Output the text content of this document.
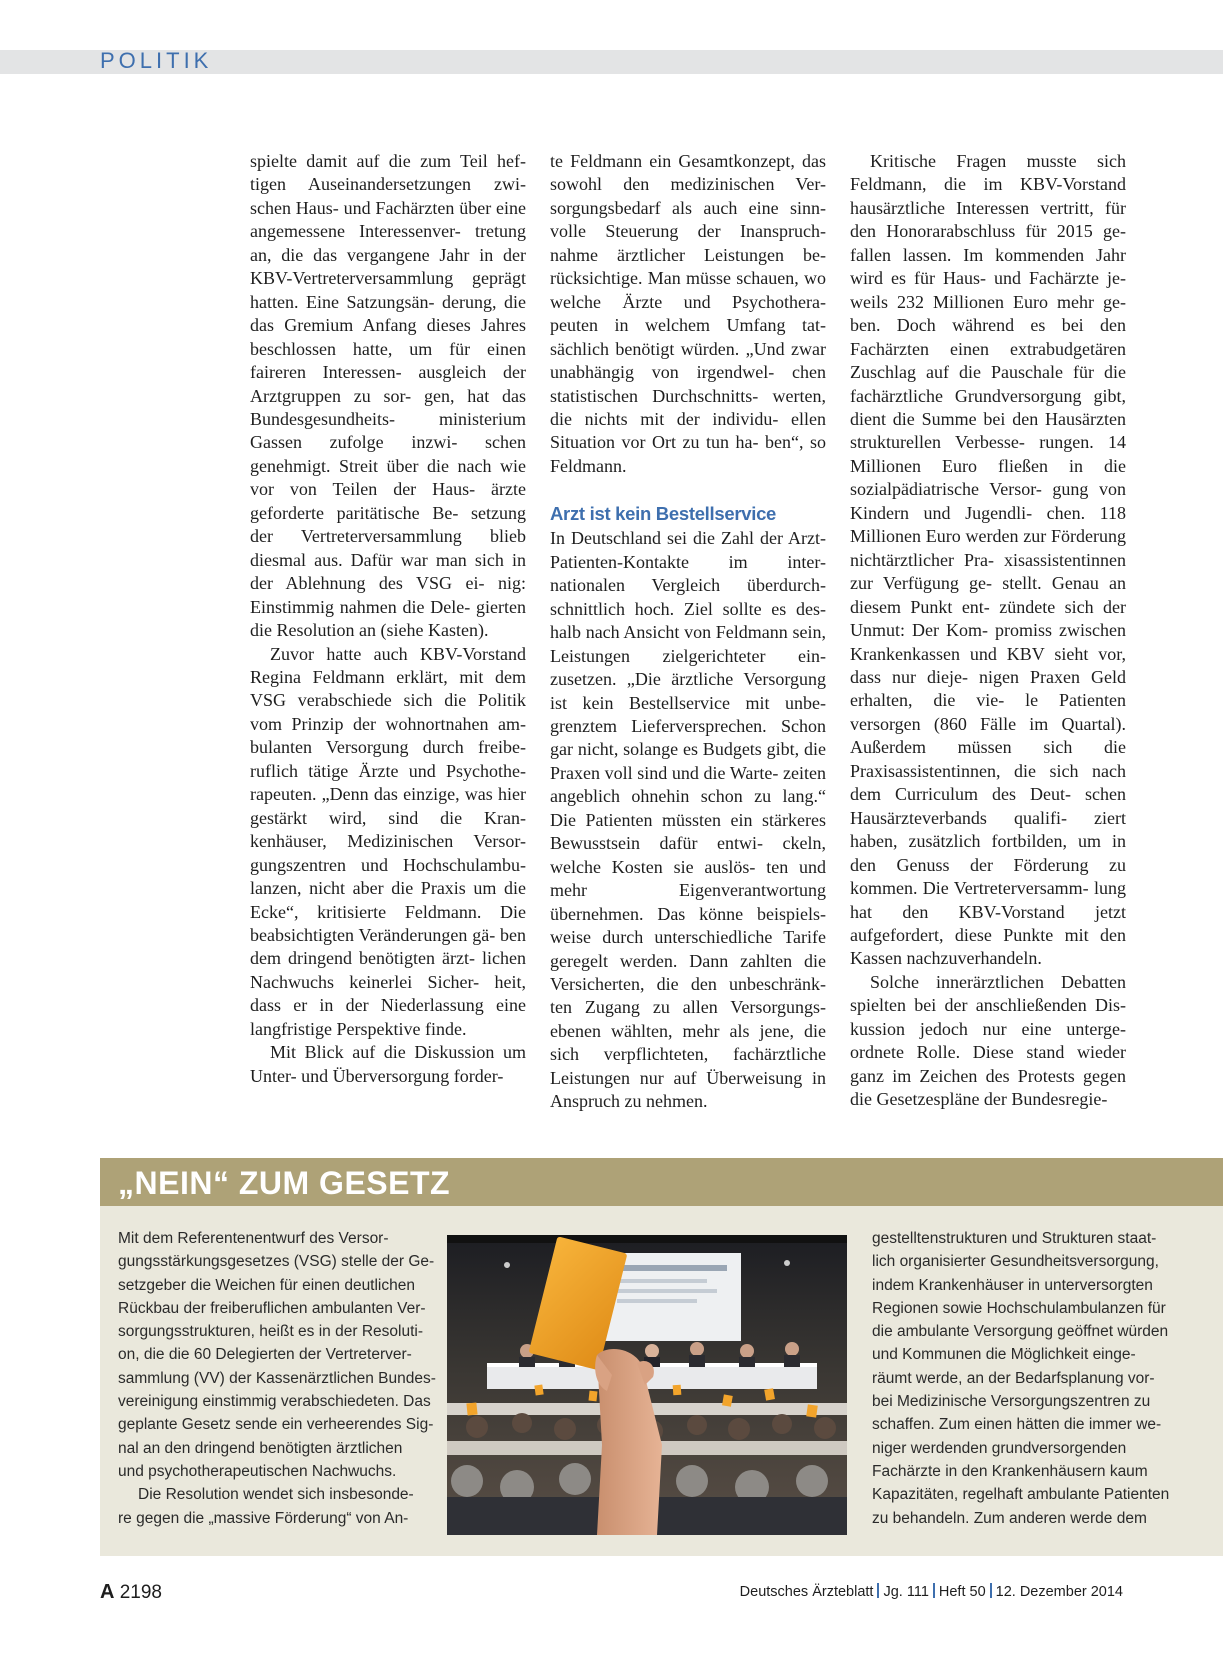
POLITIK

spielte damit auf die zum Teil hef- tigen Auseinandersetzungen zwi- schen Haus- und Fachärzten über eine angemessene Interessenver- tretung an, die das vergangene Jahr in der KBV-Vertreterversammlung geprägt hatten. Eine Satzungsän- derung, die das Gremium Anfang dieses Jahres beschlossen hatte, um für einen faireren Interessen- ausgleich der Arztgruppen zu sor- gen, hat das Bundesgesundheits- ministerium Gassen zufolge inzwi- schen genehmigt. Streit über die nach wie vor von Teilen der Haus- ärzte geforderte paritätische Be- setzung der Vertreterversammlung blieb diesmal aus. Dafür war man sich in der Ablehnung des VSG ei- nig: Einstimmig nahmen die Dele- gierten die Resolution an (siehe Kasten).

Zuvor hatte auch KBV-Vorstand Regina Feldmann erklärt, mit dem VSG verabschiede sich die Politik vom Prinzip der wohnortnahen am- bulanten Versorgung durch freibe- ruflich tätige Ärzte und Psychothe- rapeuten. „Denn das einzige, was hier gestärkt wird, sind die Kran- kenhäuser, Medizinischen Versor- gungszentren und Hochschulambu- lanzen, nicht aber die Praxis um die Ecke“, kritisierte Feldmann. Die beabsichtigten Veränderungen gä- ben dem dringend benötigten ärzt- lichen Nachwuchs keinerlei Sicher- heit, dass er in der Niederlassung eine langfristige Perspektive finde.

Mit Blick auf die Diskussion um Unter- und Überversorgung forder-

te Feldmann ein Gesamtkonzept, das sowohl den medizinischen Ver- sorgungsbedarf als auch eine sinn- volle Steuerung der Inanspruch- nahme ärztlicher Leistungen be- rücksichtige. Man müsse schauen, wo welche Ärzte und Psychothera- peuten in welchem Umfang tat- sächlich benötigt würden. „Und zwar unabhängig von irgendwel- chen statistischen Durchschnitts- werten, die nichts mit der individu- ellen Situation vor Ort zu tun ha- ben“, so Feldmann.

Arzt ist kein Bestellservice

In Deutschland sei die Zahl der Arzt-Patienten-Kontakte im inter- nationalen Vergleich überdurch- schnittlich hoch. Ziel sollte es des- halb nach Ansicht von Feldmann sein, Leistungen zielgerichteter ein- zusetzen. „Die ärztliche Versorgung ist kein Bestellservice mit unbe- grenztem Lieferversprechen. Schon gar nicht, solange es Budgets gibt, die Praxen voll sind und die Warte- zeiten angeblich ohnehin schon zu lang.“ Die Patienten müssten ein stärkeres Bewusstsein dafür entwi- ckeln, welche Kosten sie auslös- ten und mehr Eigenverantwortung übernehmen. Das könne beispiels- weise durch unterschiedliche Tarife geregelt werden. Dann zahlten die Versicherten, die den unbeschränk- ten Zugang zu allen Versorgungs- ebenen wählten, mehr als jene, die sich verpflichteten, fachärztliche Leistungen nur auf Überweisung in Anspruch zu nehmen.

Kritische Fragen musste sich Feldmann, die im KBV-Vorstand hausärztliche Interessen vertritt, für den Honorarabschluss für 2015 ge- fallen lassen. Im kommenden Jahr wird es für Haus- und Fachärzte je- weils 232 Millionen Euro mehr ge- ben. Doch während es bei den Fachärzten einen extrabudgetären Zuschlag auf die Pauschale für die fachärztliche Grundversorgung gibt, dient die Summe bei den Hausärzten strukturellen Verbesse- rungen. 14 Millionen Euro fließen in die sozialpädiatrische Versor- gung von Kindern und Jugendli- chen. 118 Millionen Euro werden zur Förderung nichtärztlicher Pra- xisassistentinnen zur Verfügung ge- stellt. Genau an diesem Punkt ent- zündete sich der Unmut: Der Kom- promiss zwischen Krankenkassen und KBV sieht vor, dass nur dieje- nigen Praxen Geld erhalten, die vie- le Patienten versorgen (860 Fälle im Quartal). Außerdem müssen sich die Praxisassistentinnen, die sich nach dem Curriculum des Deut- schen Hausärzteverbands qualifi- ziert haben, zusätzlich fortbilden, um in den Genuss der Förderung zu kommen. Die Vertreterversamm- lung hat den KBV-Vorstand jetzt aufgefordert, diese Punkte mit den Kassen nachzuverhandeln.

Solche innerärztlichen Debatten spielten bei der anschließenden Dis- kussion jedoch nur eine unterge- ordnete Rolle. Diese stand wieder ganz im Zeichen des Protests gegen die Gesetzespläne der Bundesregie-

„NEIN“ ZUM GESETZ

Mit dem Referentenentwurf des Versor-

gungsstärkungsgesetzes (VSG) stelle der Ge-

setzgeber die Weichen für einen deutlichen

Rückbau der freiberuflichen ambulanten Ver-

sorgungsstrukturen, heißt es in der Resoluti-

on, die die 60 Delegierten der Vertreterver-

sammlung (VV) der Kassenärztlichen Bundes-

vereinigung einstimmig verabschiedeten. Das

geplante Gesetz sende ein verheerendes Sig-

nal an den dringend benötigten ärztlichen

und psychotherapeutischen Nachwuchs.

Die Resolution wendet sich insbesonde-

re gegen die „massive Förderung“ von An-

gestelltenstrukturen und Strukturen staat-

lich organisierter Gesundheitsversorgung,

indem Krankenhäuser in unterversorgten

Regionen sowie Hochschulambulanzen für

die ambulante Versorgung geöffnet würden

und Kommunen die Möglichkeit einge-

räumt werde, an der Bedarfsplanung vor-

bei Medizinische Versorgungszentren zu

schaffen. Zum einen hätten die immer we-

niger werdenden grundversorgenden

Fachärzte in den Krankenhäusern kaum

Kapazitäten, regelhaft ambulante Patienten

zu behandeln. Zum anderen werde dem

A 2198	Deutsches Ärzteblatt Jg. 111 Heft 50 12. Dezember 2014
